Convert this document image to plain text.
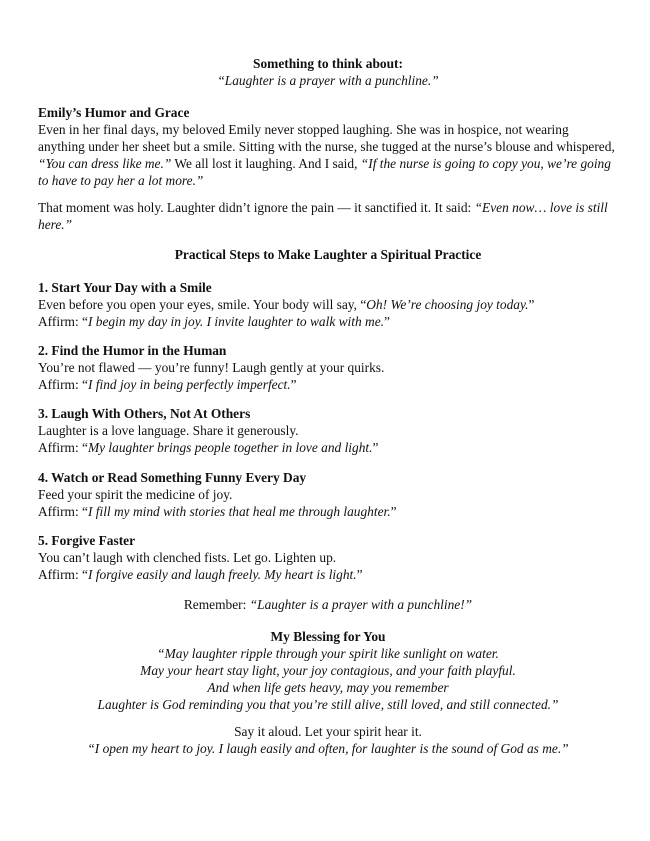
Something to think about:

“Laughter is a prayer with a punchline.”

Emily’s Humor and Grace

Even in her final days, my beloved Emily never stopped laughing. She was in hospice, not wearing anything under her sheet but a smile. Sitting with the nurse, she tugged at the nurse’s blouse and whispered, “You can dress like me.” We all lost it laughing. And I said, “If the nurse is going to copy you, we’re going to have to pay her a lot more.”

That moment was holy. Laughter didn’t ignore the pain — it sanctified it. It said: “Even now… love is still here.”

Practical Steps to Make Laughter a Spiritual Practice

1. Start Your Day with a Smile

Even before you open your eyes, smile. Your body will say, “Oh! We’re choosing joy today.”

Affirm: “I begin my day in joy. I invite laughter to walk with me.”

2. Find the Humor in the Human

You’re not flawed — you’re funny! Laugh gently at your quirks.

Affirm: “I find joy in being perfectly imperfect.”

3. Laugh With Others, Not At Others

Laughter is a love language. Share it generously.

Affirm: “My laughter brings people together in love and light.”

4. Watch or Read Something Funny Every Day

Feed your spirit the medicine of joy.

Affirm: “I fill my mind with stories that heal me through laughter.”

5. Forgive Faster

You can’t laugh with clenched fists. Let go. Lighten up.

Affirm: “I forgive easily and laugh freely. My heart is light.”

Remember: “Laughter is a prayer with a punchline!”

My Blessing for You

“May laughter ripple through your spirit like sunlight on water.

May your heart stay light, your joy contagious, and your faith playful.

And when life gets heavy, may you remember

Laughter is God reminding you that you’re still alive, still loved, and still connected.”

Say it aloud. Let your spirit hear it.

“I open my heart to joy. I laugh easily and often, for laughter is the sound of God as me.”
